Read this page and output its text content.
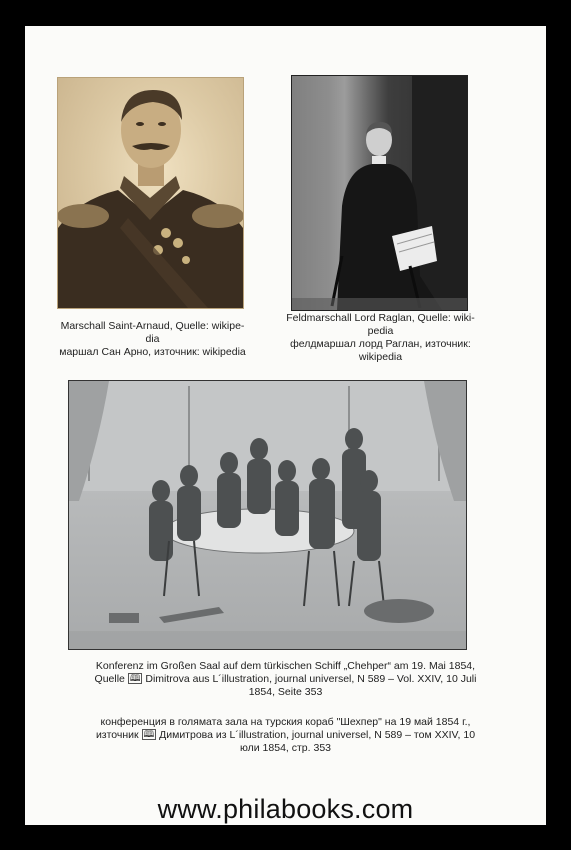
Marschall Saint-Arnaud, Quelle: wikipe-
dia
маршал Сан Арно, източник: wikipedia
Feldmarschall Lord Raglan, Quelle: wiki-
pedia
фелдмаршал лорд Раглан, източник:
wikipedia
Konferenz im Großen Saal auf dem türkischen Schiff „Chehper“ am 19. Mai 1854,
Quelle 🕮 Dimitrova aus L´illustration, journal universel, N 589 – Vol. XXIV, 10 Juli
1854, Seite 353
конференция в голямата зала на турския кораб "Шехпер" на 19 май 1854 г.,
източник 🕮 Димитрова из L´illustration, journal universel, N 589 – том XXIV, 10
юли 1854, стр. 353
www.philabooks.com
